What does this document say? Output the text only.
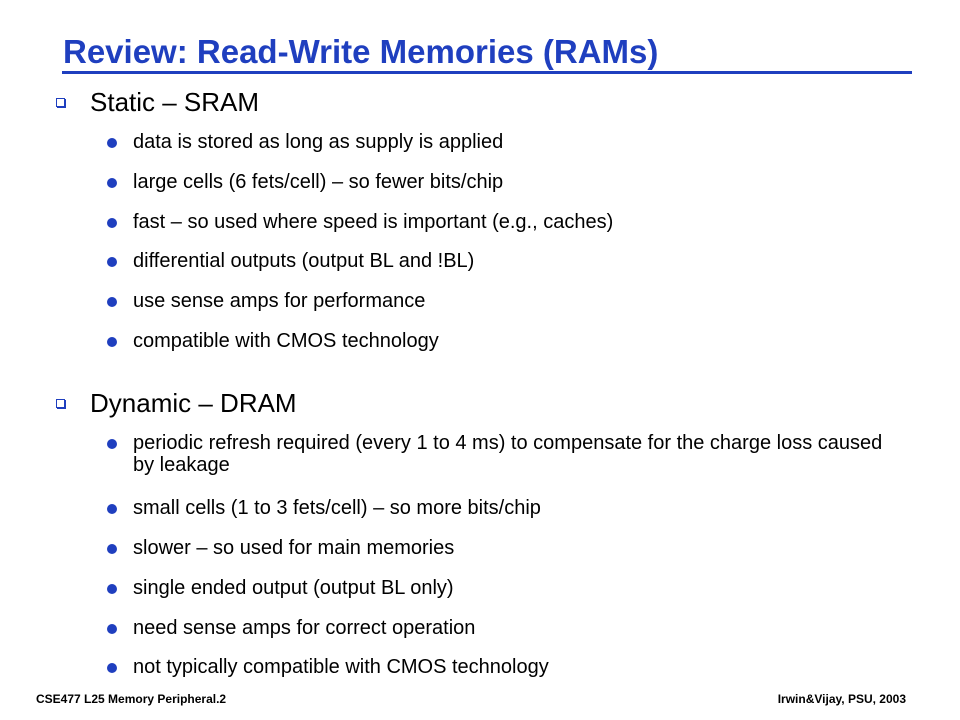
Review: Read-Write Memories (RAMs)
Static – SRAM
data is stored as long as supply is applied
large cells (6 fets/cell) – so fewer bits/chip
fast – so used where speed is important (e.g., caches)
differential outputs (output BL and !BL)
use sense amps for performance
compatible with CMOS technology
Dynamic – DRAM
periodic refresh required (every 1 to 4 ms) to compensate for the charge loss caused by leakage
small cells (1 to 3 fets/cell) – so more bits/chip
slower – so used for main memories
single ended output (output BL only)
need sense amps for correct operation
not typically compatible with CMOS technology
CSE477 L25 Memory Peripheral.2	Irwin&Vijay, PSU, 2003
